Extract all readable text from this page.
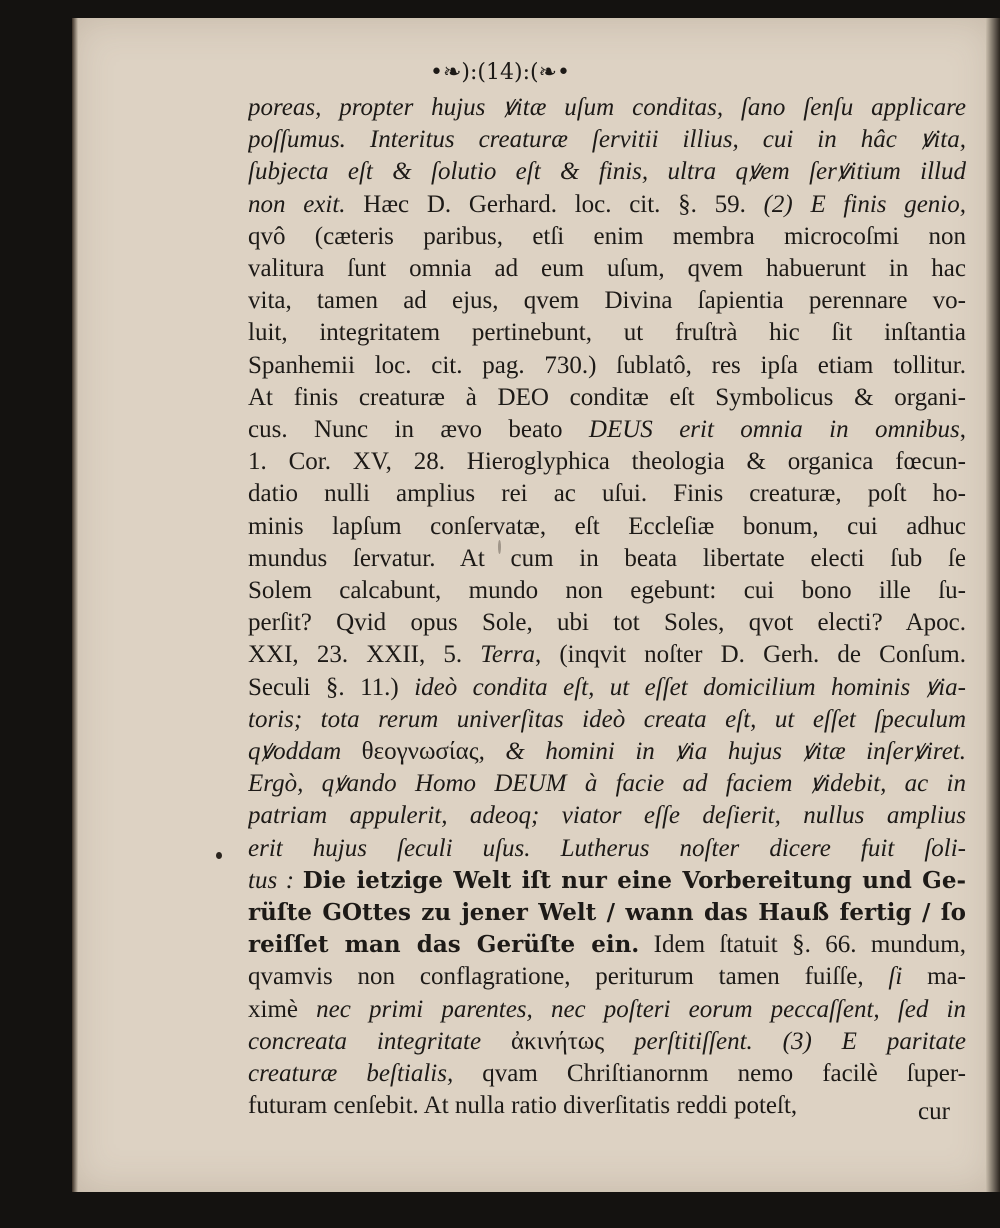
•❧):(14):(❧•
poreas, propter hujus ꝟitæ uſum conditas, ſano ſenſu applicare
poſſumus. Interitus creaturæ ſervitii illius, cui in hâc ꝟita,
ſubjecta eſt & ſolutio eſt & finis, ultra qꝟem ſerꝟitium illud
non exit. Hæc D. Gerhard. loc. cit. §. 59. (2) E finis genio,
qvô (cæteris paribus, etſi enim membra microcoſmi non
valitura ſunt omnia ad eum uſum, qvem habuerunt in hac
vita, tamen ad ejus, qvem Divina ſapientia perennare vo-
luit, integritatem pertinebunt, ut fruſtrà hic ſit inſtantia
Spanhemii loc. cit. pag. 730.) ſublatô, res ipſa etiam tollitur.
At finis creaturæ à DEO conditæ eſt Symbolicus & organi-
cus. Nunc in ævo beato DEUS erit omnia in omnibus,
1. Cor. XV, 28. Hieroglyphica theologia & organica fœcun-
datio nulli amplius rei ac uſui. Finis creaturæ, poſt ho-
minis lapſum conſervatæ, eſt Eccleſiæ bonum, cui adhuc
mundus ſervatur. At cum in beata libertate electi ſub ſe
Solem calcabunt, mundo non egebunt: cui bono ille ſu-
perſit? Qvid opus Sole, ubi tot Soles, qvot electi? Apoc.
XXI, 23. XXII, 5. Terra, (inqvit noſter D. Gerh. de Conſum.
Seculi §. 11.) ideò condita eſt, ut eſſet domicilium hominis ꝟia-
toris; tota rerum univerſitas ideò creata eſt, ut eſſet ſpeculum
qꝟoddam θεογνωσίας, & homini in ꝟia hujus ꝟitæ inſerꝟiret.
Ergò, qꝟando Homo DEUM à facie ad faciem ꝟidebit, ac in
patriam appulerit, adeoq; viator eſſe deſierit, nullus amplius
erit hujus ſeculi uſus. Lutherus noſter dicere fuit ſoli-
tus : Die ietzige Welt iſt nur eine Vorbereitung und Ge-
rüſte GOttes zu jener Welt / wann das Hauß fertig / ſo
reiſſet man das Gerüſte ein. Idem ſtatuit §. 66. mundum,
qvamvis non conflagratione, periturum tamen fuiſſe, ſi ma-
ximè nec primi parentes, nec poſteri eorum peccaſſent, ſed in
concreata integritate ἀκινήτως perſtitiſſent. (3) E paritate
creaturæ beſtialis, qvam Chriſtianornm nemo facilè ſuper-
futuram cenſebit. At nulla ratio diverſitatis reddi poteſt,	cur
